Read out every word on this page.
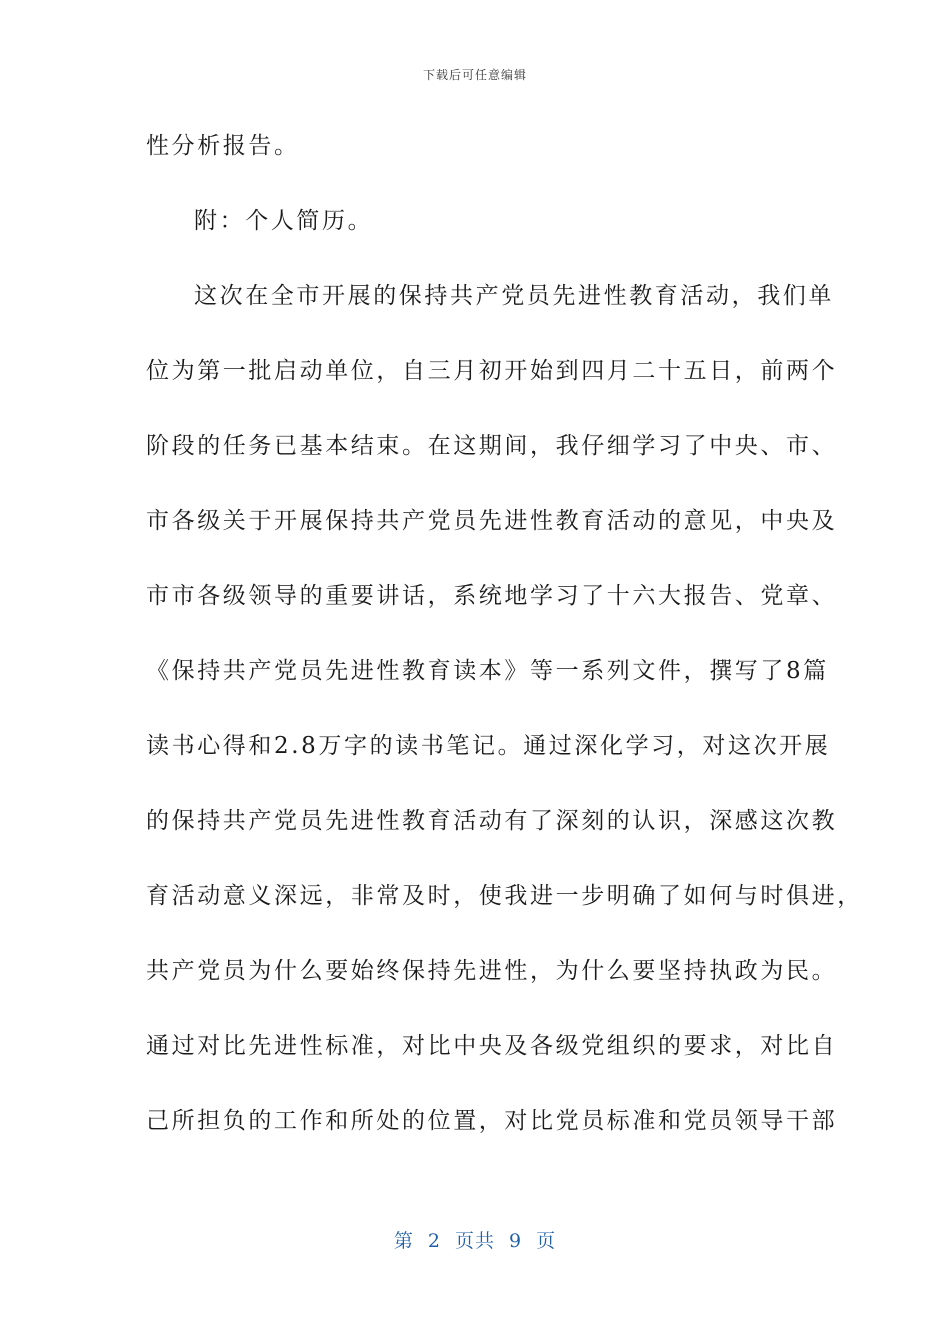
下载后可任意编辑
性分析报告。
附：个人简历。
这次在全市开展的保持共产党员先进性教育活动，我们单
位为第一批启动单位，自三月初开始到四月二十五日，前两个
阶段的任务已基本结束。在这期间，我仔细学习了中央、市、
市各级关于开展保持共产党员先进性教育活动的意见，中央及
市市各级领导的重要讲话，系统地学习了十六大报告、党章、
《保持共产党员先进性教育读本》等一系列文件，撰写了8篇
读书心得和2.8万字的读书笔记。通过深化学习，对这次开展
的保持共产党员先进性教育活动有了深刻的认识，深感这次教
育活动意义深远，非常及时，使我进一步明确了如何与时俱进，
共产党员为什么要始终保持先进性，为什么要坚持执政为民。
通过对比先进性标准，对比中央及各级党组织的要求，对比自
己所担负的工作和所处的位置，对比党员标准和党员领导干部
第 2 页共 9 页
